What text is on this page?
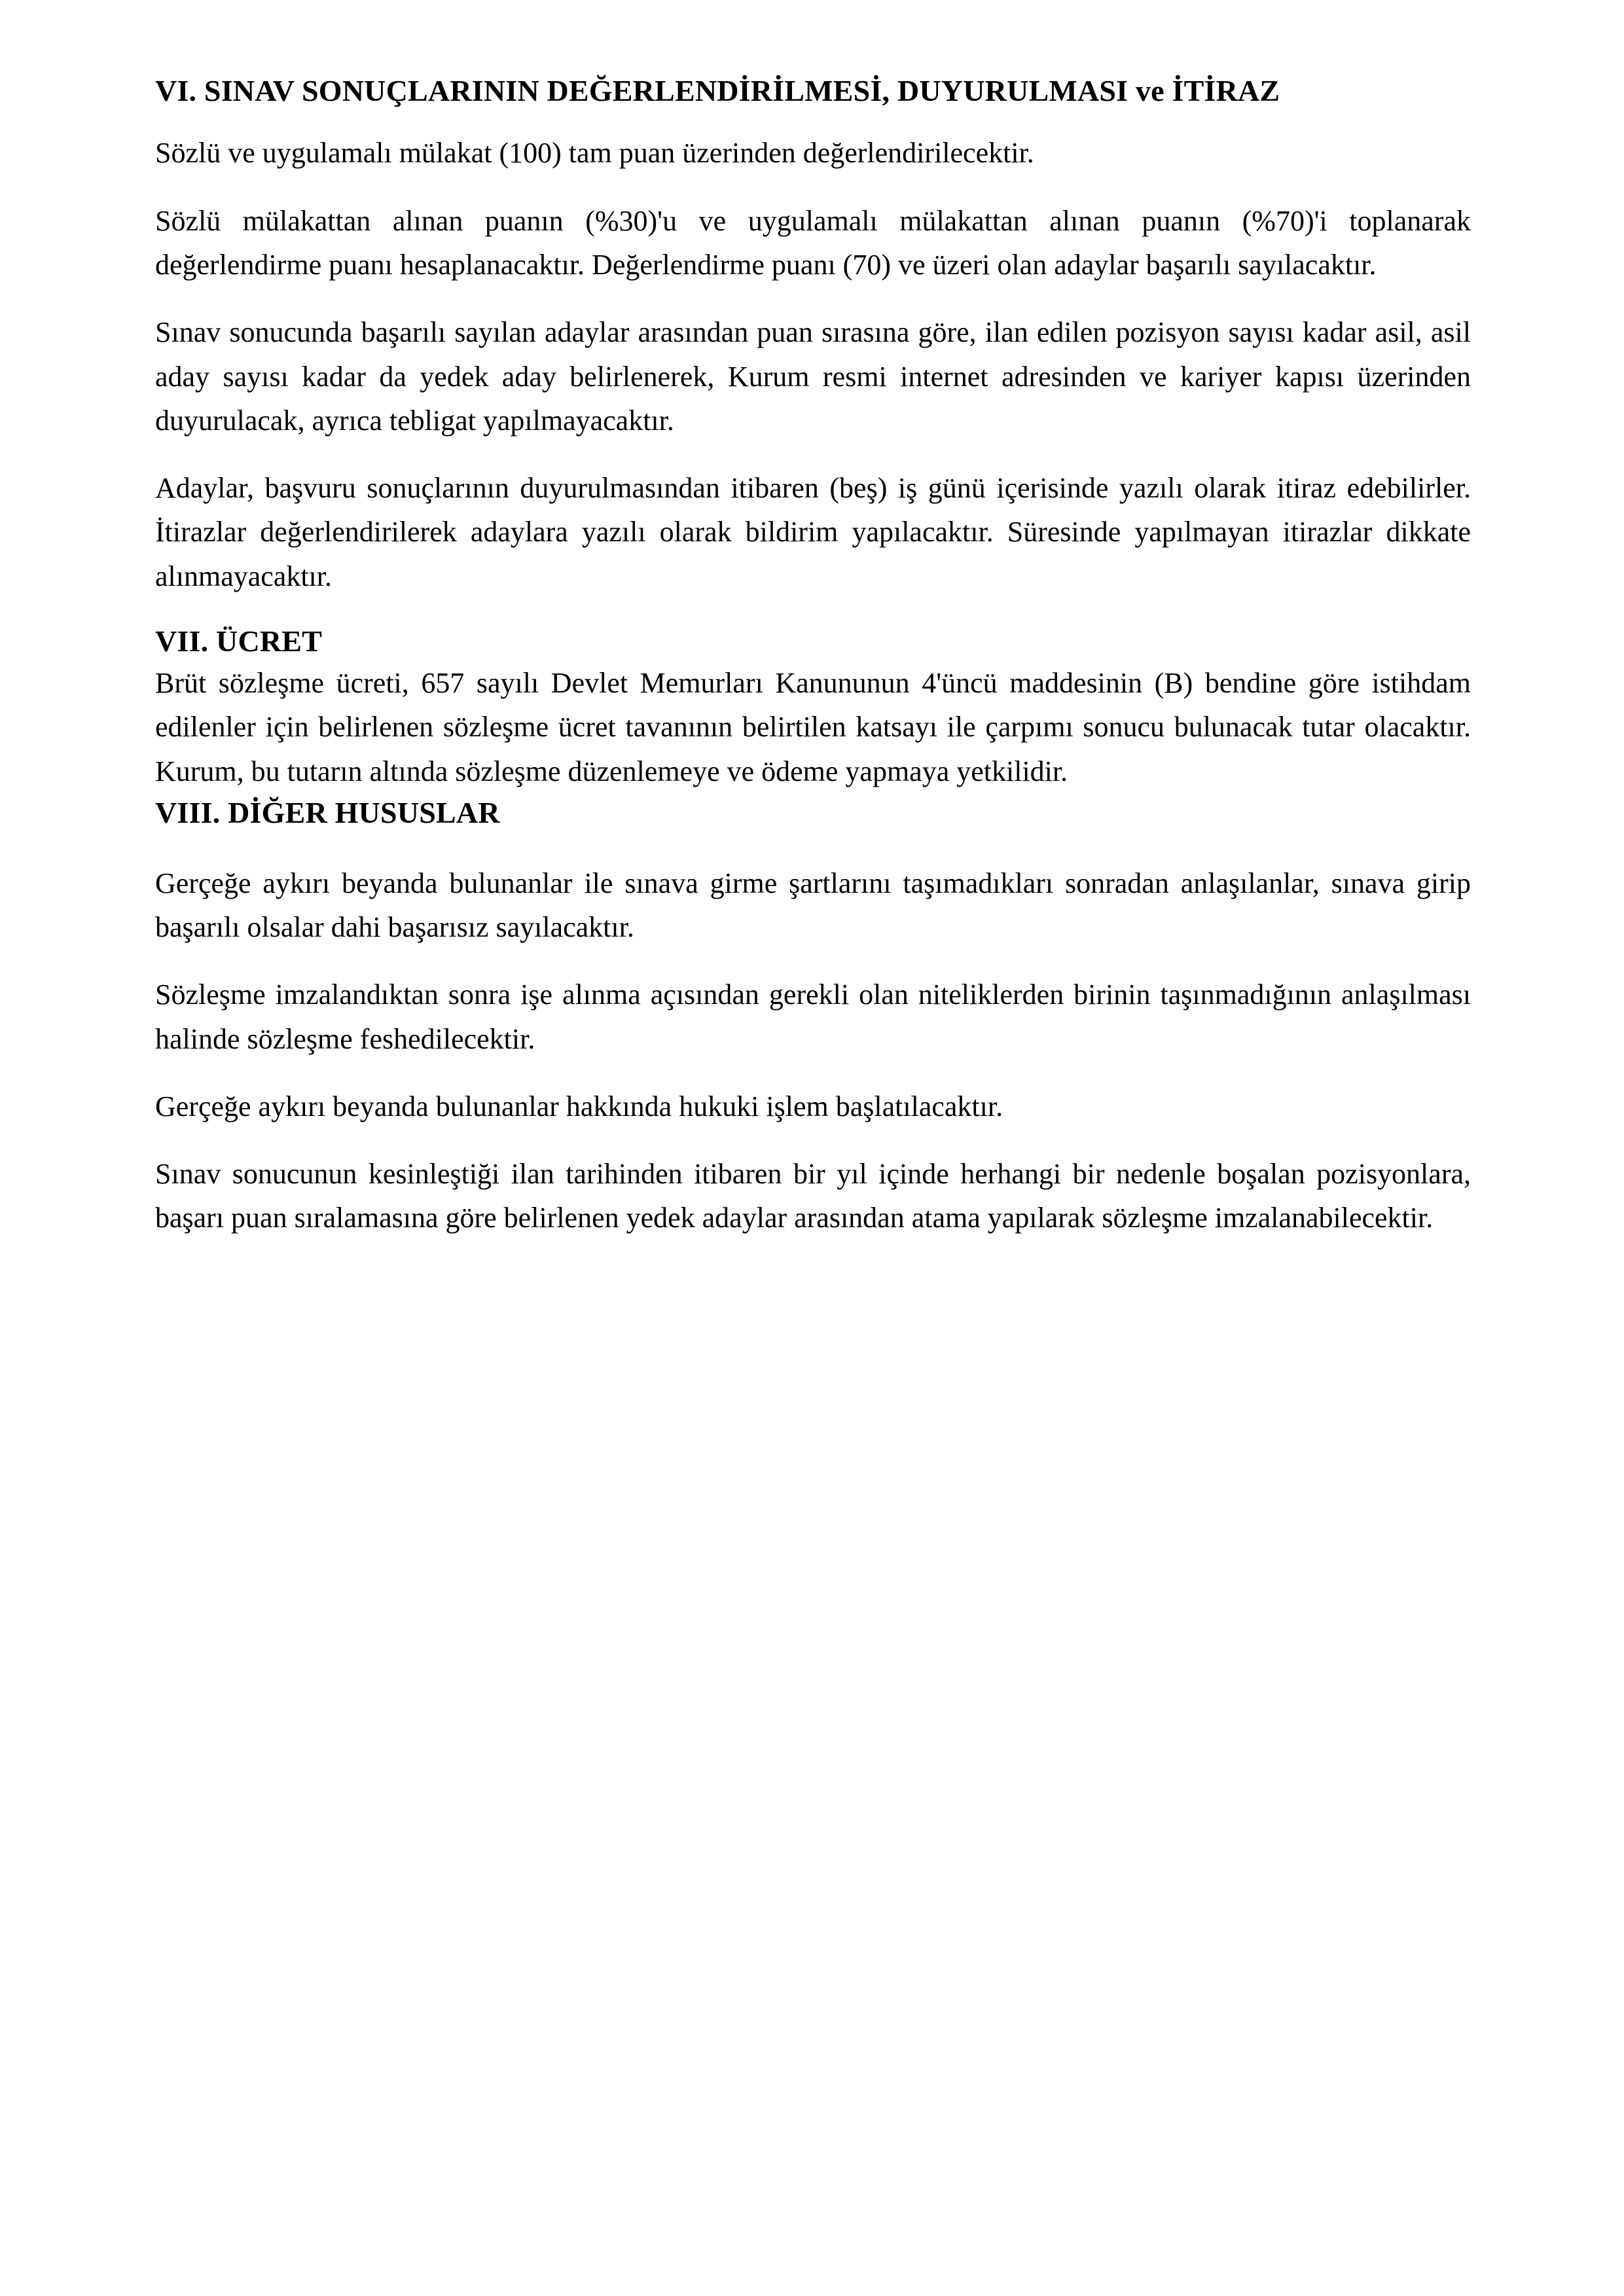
VI. SINAV SONUÇLARININ DEĞERLENDİRİLMESİ, DUYURULMASI ve İTİRAZ

Sözlü ve uygulamalı mülakat (100) tam puan üzerinden değerlendirilecektir.

Sözlü mülakattan alınan puanın (%30)'u ve uygulamalı mülakattan alınan puanın (%70)'i toplanarak değerlendirme puanı hesaplanacaktır. Değerlendirme puanı (70) ve üzeri olan adaylar başarılı sayılacaktır.

Sınav sonucunda başarılı sayılan adaylar arasından puan sırasına göre, ilan edilen pozisyon sayısı kadar asil, asil aday sayısı kadar da yedek aday belirlenerek, Kurum resmi internet adresinden ve kariyer kapısı üzerinden duyurulacak, ayrıca tebligat yapılmayacaktır.

Adaylar, başvuru sonuçlarının duyurulmasından itibaren (beş) iş günü içerisinde yazılı olarak itiraz edebilirler. İtirazlar değerlendirilerek adaylara yazılı olarak bildirim yapılacaktır. Süresinde yapılmayan itirazlar dikkate alınmayacaktır.

VII. ÜCRET

Brüt sözleşme ücreti, 657 sayılı Devlet Memurları Kanununun 4'üncü maddesinin (B) bendine göre istihdam edilenler için belirlenen sözleşme ücret tavanının belirtilen katsayı ile çarpımı sonucu bulunacak tutar olacaktır. Kurum, bu tutarın altında sözleşme düzenlemeye ve ödeme yapmaya yetkilidir.

VIII. DİĞER HUSUSLAR

Gerçeğe aykırı beyanda bulunanlar ile sınava girme şartlarını taşımadıkları sonradan anlaşılanlar, sınava girip başarılı olsalar dahi başarısız sayılacaktır.

Sözleşme imzalandıktan sonra işe alınma açısından gerekli olan niteliklerden birinin taşınmadığının anlaşılması halinde sözleşme feshedilecektir.

Gerçeğe aykırı beyanda bulunanlar hakkında hukuki işlem başlatılacaktır.

Sınav sonucunun kesinleştiği ilan tarihinden itibaren bir yıl içinde herhangi bir nedenle boşalan pozisyonlara, başarı puan sıralamasına göre belirlenen yedek adaylar arasından atama yapılarak sözleşme imzalanabilecektir.
